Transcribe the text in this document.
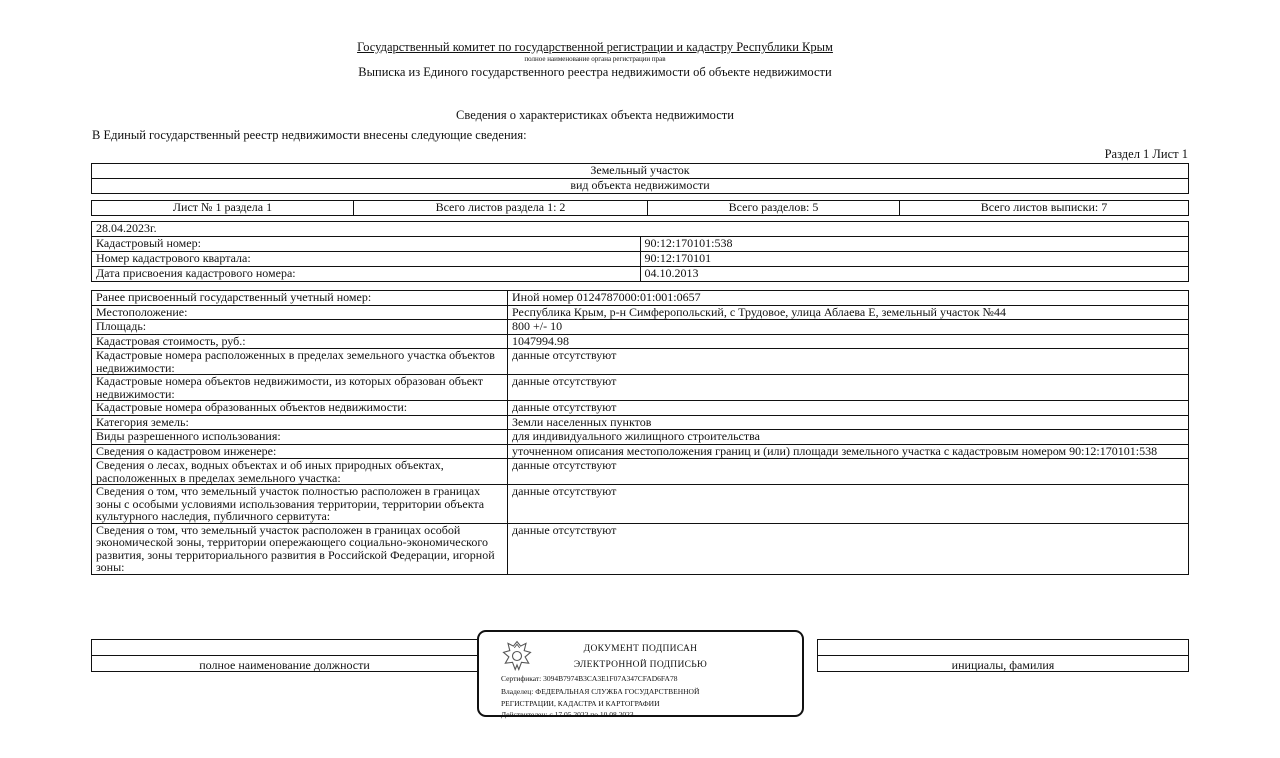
Государственный комитет по государственной регистрации и кадастру Республики Крым
полное наименование органа регистрации прав
Выписка из Единого государственного реестра недвижимости об объекте недвижимости
Сведения о характеристиках объекта недвижимости
В Единый государственный реестр недвижимости внесены следующие сведения:
Раздел 1 Лист 1
Земельный участок
вид объекта недвижимости
Лист № 1 раздела 1	Всего листов раздела 1: 2	Всего разделов: 5	Всего листов выписки: 7
28.04.2023г.	
Кадастровый номер:	90:12:170101:538
Номер кадастрового квартала:	90:12:170101
Дата присвоения кадастрового номера:	04.10.2013
Ранее присвоенный государственный учетный номер:	Иной номер 0124787000:01:001:0657
Местоположение:	Республика Крым, р-н Симферопольский, с Трудовое, улица Аблаева Е, земельный участок №44
Площадь:	800 +/- 10
Кадастровая стоимость, руб.:	1047994.98
Кадастровые номера расположенных в пределах земельного участка объектов недвижимости:	данные отсутствуют
Кадастровые номера объектов недвижимости, из которых образован объект недвижимости:	данные отсутствуют
Кадастровые номера образованных объектов недвижимости:	данные отсутствуют
Категория земель:	Земли населенных пунктов
Виды разрешенного использования:	для индивидуального жилищного строительства
Сведения о кадастровом инженере:	уточненном описания местоположения границ и (или) площади земельного участка с кадастровым номером 90:12:170101:538
Сведения о лесах, водных объектах и об иных природных объектах, расположенных в пределах земельного участка:	данные отсутствуют
Сведения о том, что земельный участок полностью расположен в границах зоны с особыми условиями использования территории, территории объекта культурного наследия, публичного сервитута:	данные отсутствуют
Сведения о том, что земельный участок расположен в границах особой экономической зоны, территории опережающего социально-экономического развития, зоны территориального развития в Российской Федерации, игорной зоны:	данные отсутствуют

полное наименование должности		инициалы, фамилия
ДОКУМЕНТ ПОДПИСАН
ЭЛЕКТРОННОЙ ПОДПИСЬЮ
Сертификат: 3094B7974B3CA3E1F07A347CFAD6FA78
Владелец: ФЕДЕРАЛЬНАЯ СЛУЖБА ГОСУДАРСТВЕННОЙ
РЕГИСТРАЦИИ, КАДАСТРА И КАРТОГРАФИИ
Действителен: с 17.05.2022 по 10.08.2023
